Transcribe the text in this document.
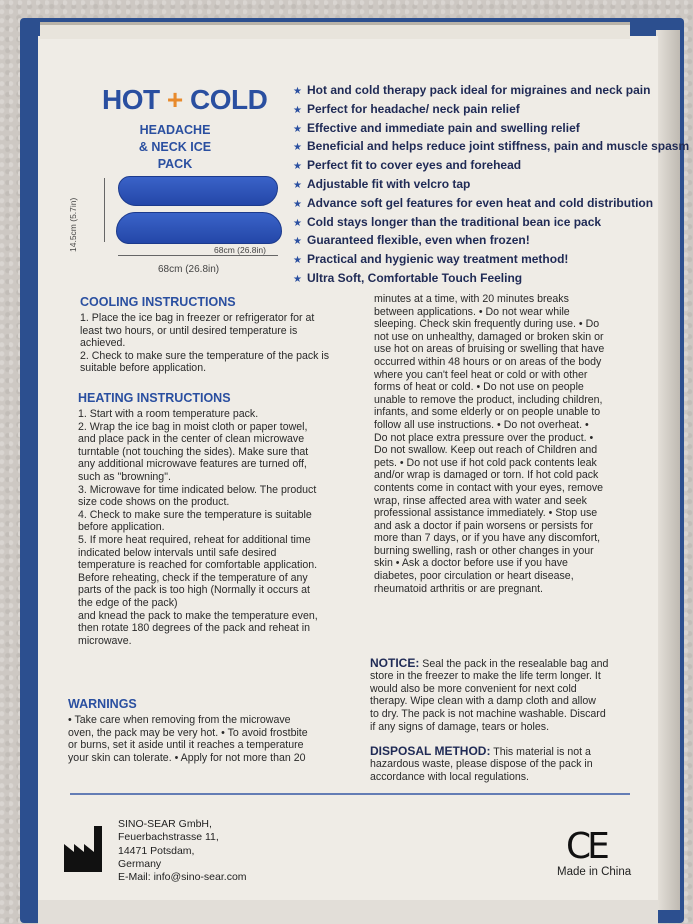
HOT + COLD
HEADACHE
& NECK ICE PACK
14.5cm (5.7in)	68cm (26.8in)
68cm (26.8in)
★ Hot and cold therapy pack ideal for migraines and neck pain
★ Perfect for headache/ neck pain relief
★ Effective and immediate pain and swelling relief
★ Beneficial and helps reduce joint stiffness, pain and muscle spasm
★ Perfect fit to cover eyes and forehead
★ Adjustable fit with velcro tap
★ Advance soft gel features for even heat and cold distribution
★ Cold stays longer than the traditional bean ice pack
★ Guaranteed flexible, even when frozen!
★ Practical and hygienic way treatment method!
★ Ultra Soft, Comfortable Touch Feeling
COOLING INSTRUCTIONS
1. Place the ice bag in freezer or refrigerator for at
least two hours, or until desired temperature is
achieved.
2. Check to make sure the temperature of the pack is
suitable before application.
HEATING INSTRUCTIONS
1. Start with a room temperature pack.
2. Wrap the ice bag in moist cloth or paper towel,
and place pack in the center of clean microwave
turntable (not touching the sides). Make sure that
any additional microwave features are turned off,
such as "browning".
3. Microwave for time indicated below. The product
size code shows on the product.
4. Check to make sure the temperature is suitable
before application.
5. If more heat required, reheat for additional time
indicated below intervals until safe desired
temperature is reached for comfortable application.
Before reheating, check if the temperature of any
parts of the pack is too high (Normally it occurs at
the edge of the pack)
and knead the pack to make the temperature even,
then rotate 180 degrees of the pack and reheat in
microwave.
WARNINGS
• Take care when removing from the microwave
oven, the pack may be very hot. • To avoid frostbite
or burns, set it aside until it reaches a temperature
your skin can tolerate. • Apply for not more than 20
minutes at a time, with 20 minutes breaks
between applications. • Do not wear while
sleeping. Check skin frequently during use. • Do
not use on unhealthy, damaged or broken skin or
use hot on areas of bruising or swelling that have
occurred within 48 hours or on areas of the body
where you can't feel heat or cold or with other
forms of heat or cold. • Do not use on people
unable to remove the product, including children,
infants, and some elderly or on people unable to
follow all use instructions. • Do not overheat. •
Do not place extra pressure over the product. •
Do not swallow. Keep out reach of Children and
pets. • Do not use if hot cold pack contents leak
and/or wrap is damaged or torn. If hot cold pack
contents come in contact with your eyes, remove
wrap, rinse affected area with water and seek
professional assistance immediately. • Stop use
and ask a doctor if pain worsens or persists for
more than 7 days, or if you have any discomfort,
burning swelling, rash or other changes in your
skin • Ask a doctor before use if you have
diabetes, poor circulation or heart disease,
rheumatoid arthritis or are pregnant.

NOTICE: Seal the pack in the resealable bag and
store in the freezer to make the life term longer. It
would also be more convenient for next cold
therapy. Wipe clean with a damp cloth and allow
to dry. The pack is not machine washable. Discard
if any signs of damage, tears or holes.

DISPOSAL METHOD: This material is not a
hazardous waste, please dispose of the pack in
accordance with local regulations.

SINO-SEAR GmbH,
Feuerbachstrasse 11,
14471 Potsdam,
Germany
E-Mail: info@sino-sear.com
CE
Made in China
